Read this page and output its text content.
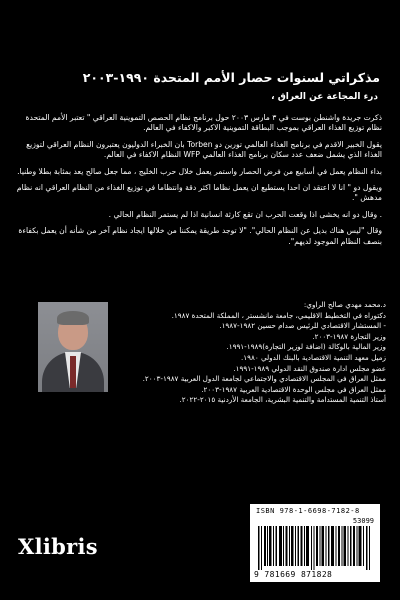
مذكراتي لسنوات حصار الأمم المتحدة ١٩٩٠-٢٠٠٣
درء المجاعة عن العراق ،

ذكرت جريدة واشنطن بوست في ٣ مارس ٢٠٠٣ حول برنامج نظام الحصص التموينية العراقي " تعتبر الأمم المتحدة نظام توزيع الغذاء العراقي بموجب البطاقة التموينية الاكبر والاكفاء في العالم.

يقول الخبير الاقدم في برنامج الغذاء العالمي تورين دو Torben بان الخبراء الدوليون يعتبرون النظام العراقي لتوزيع الغذاء الذي يشمل ضعف عدد سكان برنامج الغذاء العالمي WFP النظام الاكفاء في العالم.

بداء النظام يعمل في أسابيع من فرض الحصار واستمر يعمل خلال حرب الخليج ، مما جعل صالح يعد بمثابة بطلا وطنيا.

ويقول دو " انا لا اعتقد ان احدا يستطيع ان يعمل نظاما اكثر دقة وانتظاما في توزيع الغذاء من النظام العراقي انه نظام مدهش ".

. وقال دو انه يخشى اذا وقعت الحرب ان تقع كارثة انسانية اذا لم يستمر النظام الحالي .

وقال "ليس هناك بديل عن النظام الحالي". "لا توجد طريقة يمكننا من خلالها ايجاد نظام آخر من شأنه أن يعمل بكفاءة بنصف النظام الموجود لديهم".

د.محمد مهدي صالح الراوي:
دكتوراه في التخطيط الاقليمي، جامعة مانشستر ، المملكة المتحدة ١٩٨٧.
- المستشار الاقتصادي للرئيس صدام حسين ١٩٨٢-١٩٨٧.
وزير التجارة ١٩٨٧-٢٠٠٣.
وزير المالية بالوكالة (اضافة لوزير التجارة)١٩٨٩-١٩٩١.
زميل معهد التنمية الاقتصادية بالبنك الدولي ١٩٨٠.
عضو مجلس ادارة صندوق النقد الدولي ١٩٨٩-١٩٩١.
ممثل العراق في المجلس الاقتصادي والاجتماعي لجامعة الدول العربية ١٩٨٧-٢٠٠٣.
ممثل العراق في مجلس الوحدة الاقتصادية العربية ١٩٨٧-٢٠٠٣.
أستاذ التنمية المستدامة والتنمية البشرية، الجامعة الأردنية ٢٠١٥-٢٠٢٢.
ISBN 978-1-6698-7182-8
53099
9 781669 871828
Xlibris
